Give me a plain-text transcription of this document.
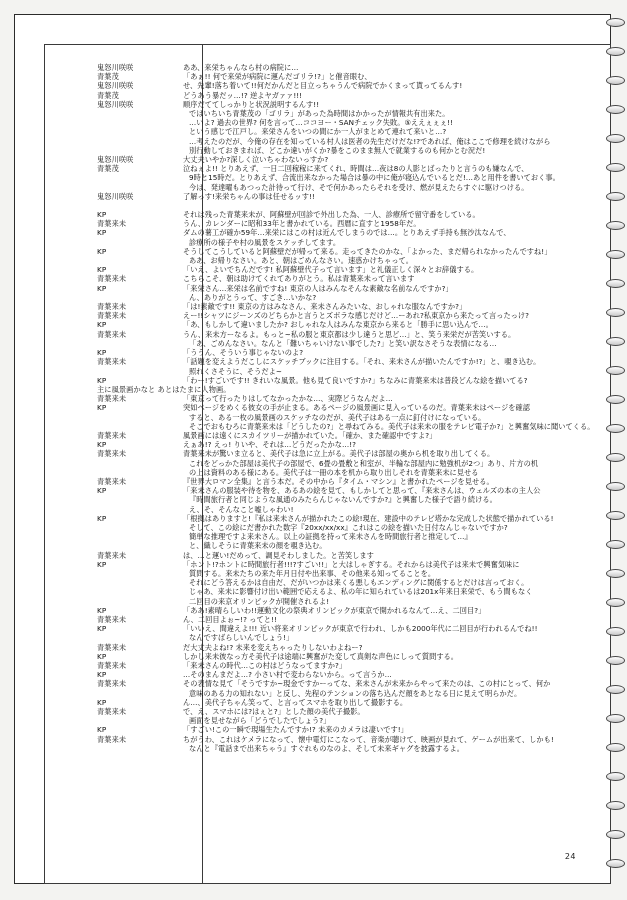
鬼怒川咲咲	ああ、来栄ちゃんなら村の病院に…
青葉茂	「あぁ!! 何で来栄が病院に運んだゴリラ!?」と催音眼む、
鬼怒川咲咲	せ、先輩!落ち着いて!!何だかんだと目立っちゃうんで病院でかくまって貰ってるんす!
青葉茂	どうあう暴だッ…!? 逆よヤガァァ!!!
鬼怒川咲咲	順序だててしっかりと状況説明するんす!!
ではいちいち青葉茂の「ゴリラ」があった為時間はかかったが情報共有出来た。
…いよ? 過去の世界? 何を言って…ココヨー・SANチェック失敗。⑤ええぇぇぇ!!
という感じで江戸し。来栄さんをいつの間にか一人がまとめて連れて来いと…?
…考えたのだが、今俺の存在を知っている村人は医者の先生だけだな!?であれば、俺はここで修理を続けながら
別行動しておきまれば、どこか違いがくか?暴をこのまま無人で就業するのも何かとむ況だ!
鬼怒川咲咲	大丈夫いやか?深しく泣いちゃわないっすか?
青葉茂	泣ねぇよ!! とりあえず、一日二回稼稼に来てくれ、時間は…夜は8の人影とばったりと言うのも嫌なんで、
9時と15時だ。とりあえず、合流出来なかった場合は暴の中に俺が寝込んでいるとだ!…あと用件を書いておく事。
今は、発達曜もあつった計待って行け、そで何かあったらそれを受け、燃が見えたらすぐに駆けつける。
鬼怒川咲咲	了解っす!来栄ちゃんの事は任せるッす!!
KP	それは残った青葉来未が、阿蘇壁が回診で外出した為、一人、診療所で留守番をしている。
青葉来未	うん、カレンダーに昭和33年と書かれている。西暦に直すと1958年だ。
KP	ダムの薯工が確か59年…来栄にはこの村は近んでしまうのでは…。とりあえず手持も無沙汰なんで、
診療所の様子や村の風景をスケッチしてます。
KP	そうしてこうしていると阿蘇壁だが帰って来る。走ってきたのかな、「よかった、まだ帰られなかったんですね!」
ああ、お帰りなさい。あと、朝はごめんなさい。速惑かけちゃって。
KP	「いえ、よいでちんだです! 私阿蘇壁代子って言います」と礼儀正しく深々とお辞儀する。
青葉来未	こちらこそ、朝は助けてくれてありがとう。私は青葉来未って言います
KP	「来栄さん…来栄は名前ですね! 東京の人はみんなそんな素敵な名前なんですか?」
ん、ありがとうって、すごき…いかな?
青葉来未	「は!素敵です!! 東京の方はみなさん、来未さんみたいな、おしゃれな服なんですか?」
青葉来未	えー!!シャツにジーンズのどちらかと言うとズボラな感じだけど…ーあれ?私東京から来たって言ったっけ?
KP	「あ、もしかして違いましたか? おしゃれな人はみんな東京から来ると「勝手に思い込んで…。
青葉来未	うん、来未方ーなるよ。もっと~私の服と東京都は少し違うと思ど…」と、笑う来栄だが苦笑いする。
「あ、ごめんなさい。なんと「難いちゃいけない事でした?」と笑い訳なさそうな表情になる…
KP	「ううん、そういう事じゃないのよ?
青葉来未	「話題を変えようだこしにスケッチブックに注目する。「それ、来未さんが描いたんですか!?」と、覗き込む。
照れくさそうに、そうだよ~
KP	「わー!すごいです!! きれいな風景。他も見て良いですか?」ちなみに青葉来未は普段どんな絵を描いてる?
主に風景画かなと あとはたまに人物画。
青葉来未	「東京って行ったりはしてなかったかな…、実際どうなんだよ…
KP	突如ページをめくる彼女の手が止まる。あるページの風景画に見入っているのだ。青葉来未はページを確認
すると、ある一枚の風景画のスケッチなのだが、美代子はある一点に釘付けになっている。
そこでおもむろに青葉来未は「どうしたの?」と尋ねてみる。美代子は来未の服をテレビ電子か?」と興奮気味に聞いてくる。
青葉来未	風景画には遠くにスカイツリーが描かれていた。「確か、また確認中ですよ?」
KP	えぁあ!? えっ! りいや、それは…どうだったかな…!?
青葉来未	青葉来未が驚いま立ると、美代子は急に立上がる。美代子は部屋の奥から机を取り出してくる。
これをどっかた部屋は美代子の部屋で、6畳の畳敷と和室が、半輪な部屋内に勉強机が2つ」あり、片方の机
の上は資料のある様にある。美代子は一冊の本を机から取り出しそれを青葉来未に見せる
青葉来未	『世界大ロマン全集』と言う本だ。その中から『タイム・マシン』と書かれたページを見せる。
KP	「来未さんの服装や待を物を、あるあの絵を見て、もしかしてと思って、『来未さんは、ウェルズの本の主人公
『時間旅行者と同じような風通のみたらんじゃないんですか?』と興奮した様子で語り続ける。
え、そ、そんなこと嘘しゃわい!
KP	「根拠はありますと!『私は来未さんが描かれたこの絵!現在、建設中のテレビ塔かな完成した状態で描かれている!
そして、この絵にだ書かれた数字『20xx/xx/xx』これはこの絵を描いた日付なんじゃないですか?
簡単な推理ですよ来未さん。以上の証拠を持って来未さんを時間旅行者と推定して…』
と、織しそうに青葉来未の顔を覗き込む。
青葉来未	は、…と運い!だめって、調見そわしました。と苦笑します
KP	「ホント!?ホントに時間旅行者!!!?すごい!!」と大はしゃぎする。それからは美代子は来未で興奮気味に
質問する。来未たちの来た年月日付や出来事、その他来る知ってることを。
それにどう答えるかは自由だ、だがいつかは来くる悪しもエンディングに関係するとだけは言っておく。
じゃあ、来未に影響付け出い範囲で応えるよ、私の年に知られているは201x年来日来栄で、もう間もなく
二回目の来京オリンピックが開催されるよ!
KP	「ああ!素晴らしいわ!!運動文化の祭典オリンピックが東京で開かれるなんて…え、二回目?」
青葉来未	ん、二回目よぉ~!? ってと!!
KP	「いいえ、間違えよ!!! 近い将来オリンピックが東京で行われ、しかも2000年代に二回目が行われるんでね!!
なんですばらしいんでしょう!」
青葉来未	だ大丈夫よね!? 未来を変えちゃったりしないわよねー?
KP	しかし来未彼なっ方そ美代子は途端に興奮がた変して真剣な声色にしって質問する。
青葉来未	「来未さんの時代…この村はどうなってますか?」
KP	…そのまんまだよ…? 小さい村で変わらないから。って言うか…
青葉来未	その表情な見て「そうですか~現金ですかーってな、来未さんが未来からやって来たのは、この村にとって、何か
意味のある力の知れない」と反し、先程のテンションの落ち込んだ顔をあとなる日に見えて明らかだ。
KP	ん…、美代子ちゃん笑って、と言ってスマホを取り出して撮影する。
青葉来未	で、え、スマホには?はぇと?」とした顔の美代子撮影。
画面を見せながら「どうでしたでしょう?」
KP	「すごい!この一瞬で現場生たんですか!? 未来のカメラは凄いです!」
青葉来未	ちがうわ、これはケメラになって、懐中電灯にこなって、音楽が聴けて、映画が見れて、ゲームが出来て、しかも!
なんと『電話まで出来ちゃう』すぐれものなのよ、そして未来ギャグを披露するよ。
24
